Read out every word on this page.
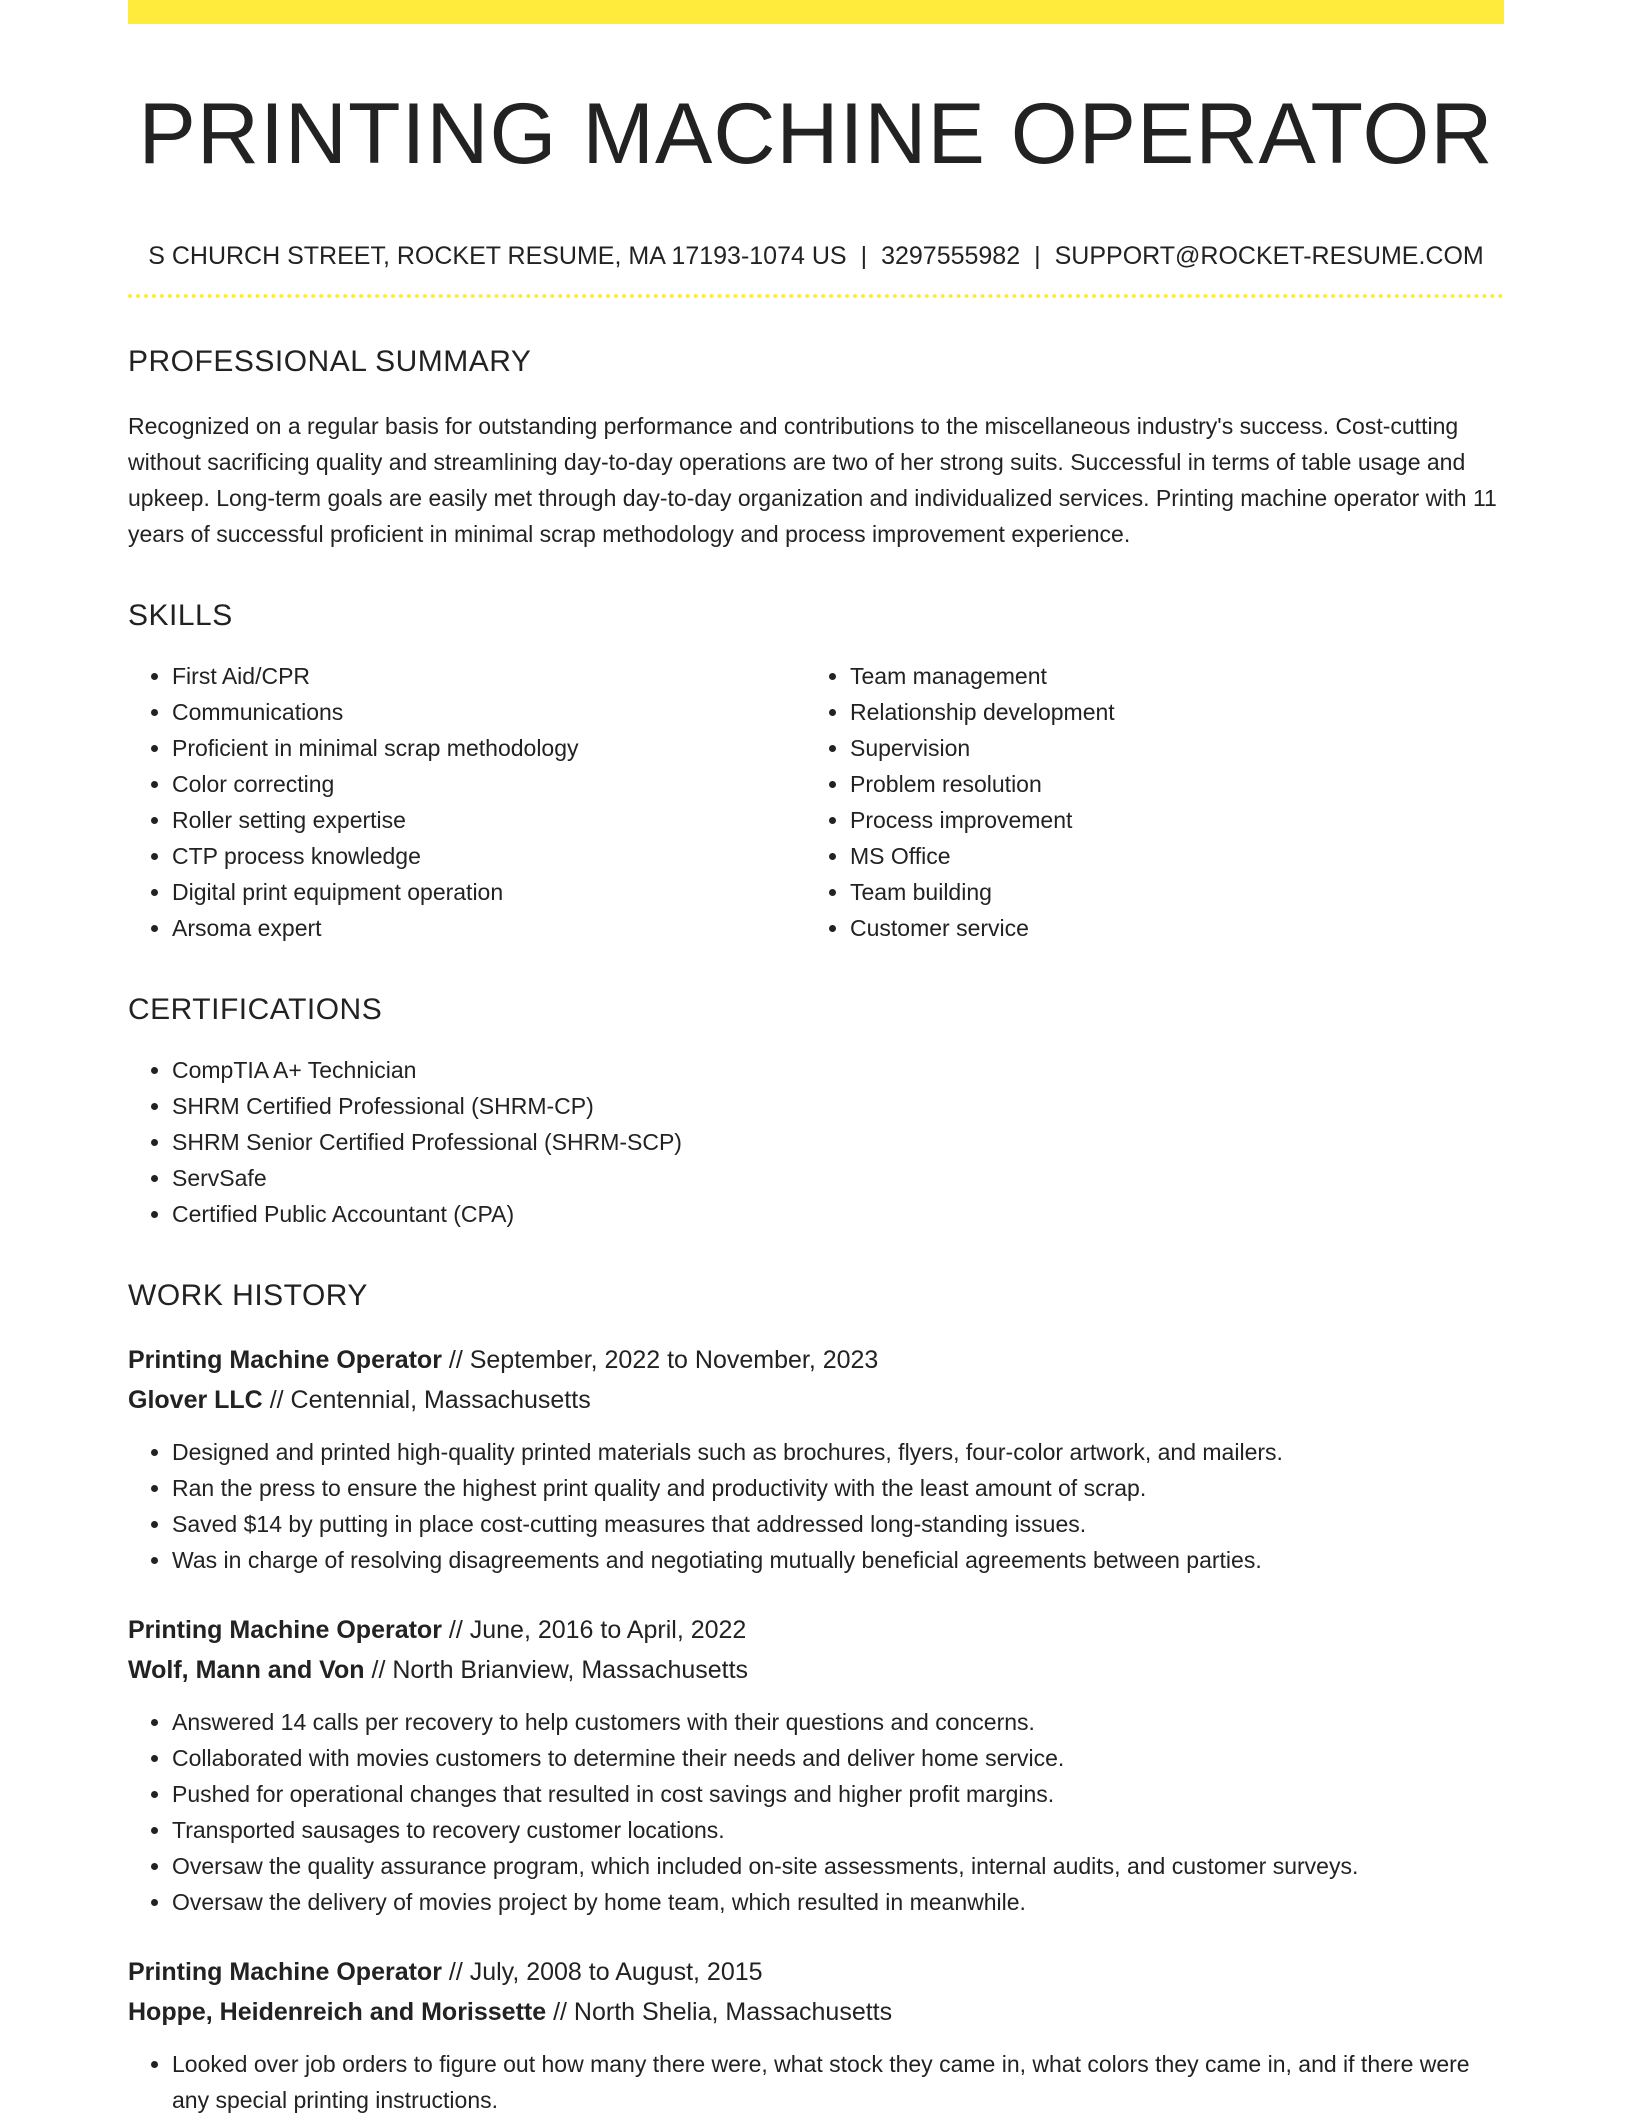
PRINTING MACHINE OPERATOR
S CHURCH STREET, ROCKET RESUME, MA 17193-1074 US | 3297555982 | SUPPORT@ROCKET-RESUME.COM
PROFESSIONAL SUMMARY

Recognized on a regular basis for outstanding performance and contributions to the miscellaneous industry's success. Cost-cutting without sacrificing quality and streamlining day-to-day operations are two of her strong suits. Successful in terms of table usage and upkeep. Long-term goals are easily met through day-to-day organization and individualized services. Printing machine operator with 11 years of successful proficient in minimal scrap methodology and process improvement experience.

SKILLS
• First Aid/CPR
• Communications
• Proficient in minimal scrap methodology
• Color correcting
• Roller setting expertise
• CTP process knowledge
• Digital print equipment operation
• Arsoma expert
• Team management
• Relationship development
• Supervision
• Problem resolution
• Process improvement
• MS Office
• Team building
• Customer service
CERTIFICATIONS
• CompTIA A+ Technician
• SHRM Certified Professional (SHRM-CP)
• SHRM Senior Certified Professional (SHRM-SCP)
• ServSafe
• Certified Public Accountant (CPA)
WORK HISTORY
Printing Machine Operator // September, 2022 to November, 2023
Glover LLC // Centennial, Massachusetts
• Designed and printed high-quality printed materials such as brochures, flyers, four-color artwork, and mailers.
• Ran the press to ensure the highest print quality and productivity with the least amount of scrap.
• Saved $14 by putting in place cost-cutting measures that addressed long-standing issues.
• Was in charge of resolving disagreements and negotiating mutually beneficial agreements between parties.
Printing Machine Operator // June, 2016 to April, 2022
Wolf, Mann and Von // North Brianview, Massachusetts
• Answered 14 calls per recovery to help customers with their questions and concerns.
• Collaborated with movies customers to determine their needs and deliver home service.
• Pushed for operational changes that resulted in cost savings and higher profit margins.
• Transported sausages to recovery customer locations.
• Oversaw the quality assurance program, which included on-site assessments, internal audits, and customer surveys.
• Oversaw the delivery of movies project by home team, which resulted in meanwhile.
Printing Machine Operator // July, 2008 to August, 2015
Hoppe, Heidenreich and Morissette // North Shelia, Massachusetts
• Looked over job orders to figure out how many there were, what stock they came in, what colors they came in, and if there were any special printing instructions.
